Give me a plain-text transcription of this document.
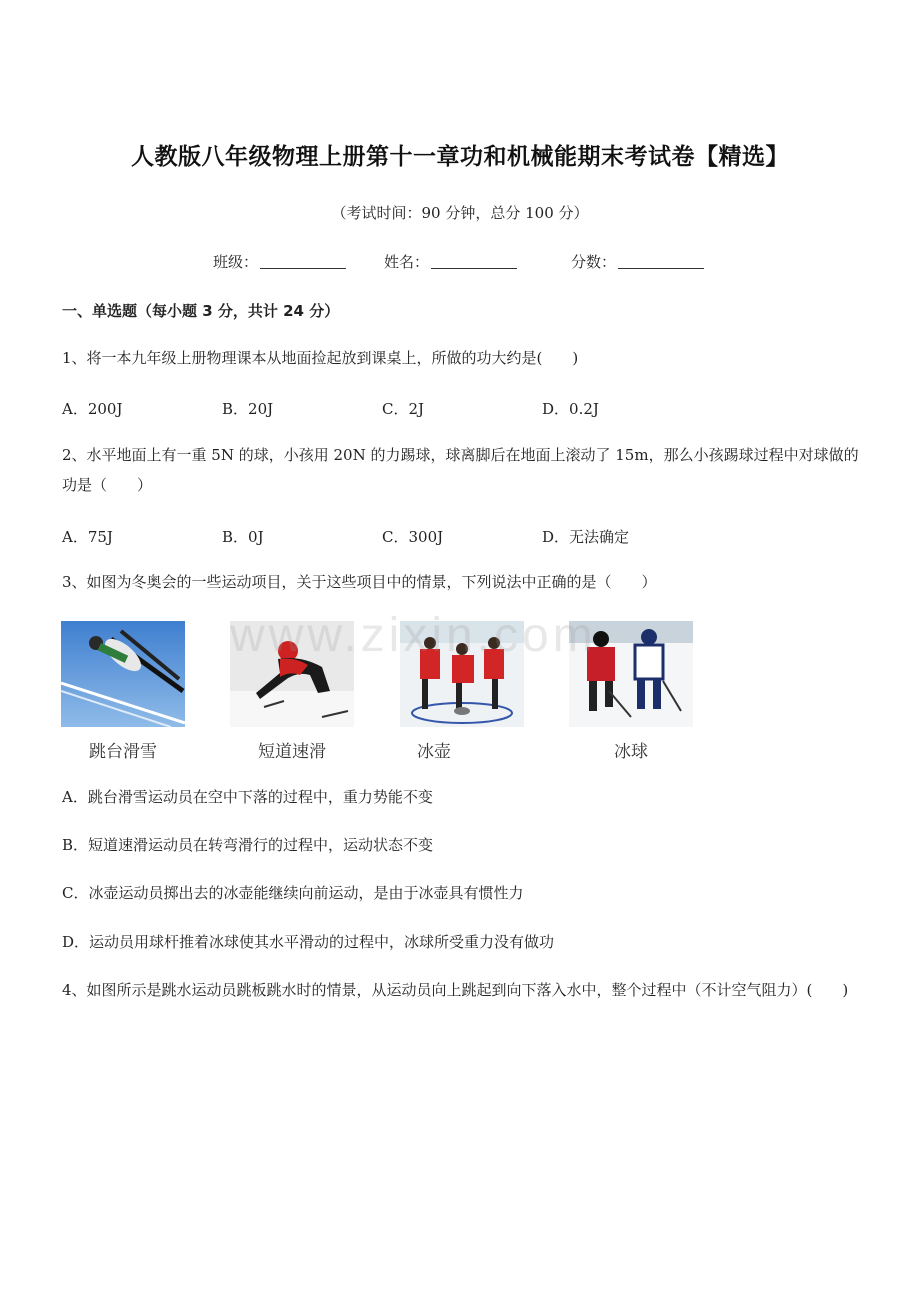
人教版八年级物理上册第十一章功和机械能期末考试卷【精选】
（考试时间：90 分钟，总分 100 分）
班级：	姓名：	分数：
一、单选题（每小题 3 分，共计 24 分）
1、将一本九年级上册物理课本从地面捡起放到课桌上，所做的功大约是(　　)
A．200J	B．20J	C．2J	D．0.2J
2、水平地面上有一重 5N 的球，小孩用 20N 的力踢球，球离脚后在地面上滚动了 15m，那么小孩踢球过程中对球做的功是（　　）
A．75J	B．0J	C．300J	D．无法确定
3、如图为冬奥会的一些运动项目，关于这些项目中的情景，下列说法中正确的是（　　）
www.zixin.com
跳台滑雪	短道速滑	冰壶	冰球
A．跳台滑雪运动员在空中下落的过程中，重力势能不变
B．短道速滑运动员在转弯滑行的过程中，运动状态不变
C．冰壶运动员掷出去的冰壶能继续向前运动，是由于冰壶具有惯性力
D．运动员用球杆推着冰球使其水平滑动的过程中，冰球所受重力没有做功
4、如图所示是跳水运动员跳板跳水时的情景，从运动员向上跳起到向下落入水中，整个过程中（不计空气阻力）(　　)
